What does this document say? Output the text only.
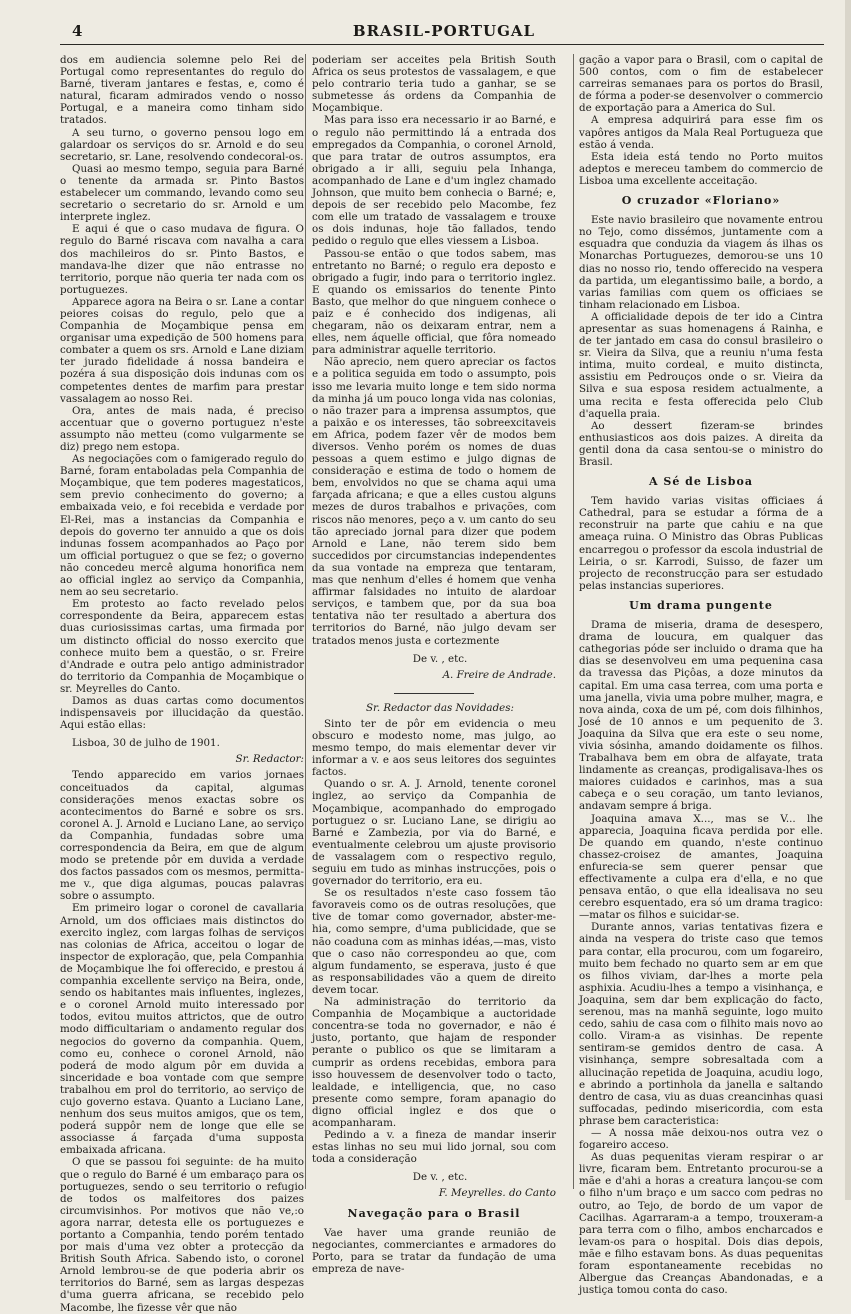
4	BRASIL-PORTUGAL

dos em audiencia solemne pelo Rei de Portugal como representantes do regulo do Barné, tiveram jantares e festas, e, como é natural, ficaram admirados vendo o nosso Portugal, e a maneira como tinham sido tratados.

A seu turno, o governo pensou logo em galardoar os serviços do sr. Arnold e do seu secretario, sr. Lane, resolvendo condecoral-os.

Quasi ao mesmo tempo, seguia para Barné o tenente da armada sr. Pinto Bastos estabelecer um commando, levando como seu secretario o secretario do sr. Arnold e um interprete inglez.

E aqui é que o caso mudava de figura. O regulo do Barné riscava com navalha a cara dos machileiros do sr. Pinto Bastos, e mandava-lhe dizer que não entrasse no territorio, porque não queria ter nada com os portuguezes.

Apparece agora na Beira o sr. Lane a contar peiores coisas do regulo, pelo que a Companhia de Moçambique pensa em organisar uma expedição de 500 homens para combater a quem os srs. Arnold e Lane diziam ter jurado fidelidade á nossa bandeira e pozéra á sua disposição dois indunas com os competentes dentes de marfim para prestar vassalagem ao nosso Rei.

Ora, antes de mais nada, é preciso accentuar que o governo portuguez n'este assumpto não metteu (como vulgarmente se diz) prego nem estopa.

As negociações com o famigerado regulo do Barné, foram entaboladas pela Companhia de Moçambique, que tem poderes magestaticos, sem previo conhecimento do governo; a embaixada veio, e foi recebida e verdade por El-Rei, mas a instancias da Companhia e depois do governo ter annuido a que os dois indunas fossem acompanhados ao Paço por um official portuguez o que se fez; o governo não concedeu mercê alguma honorifica nem ao official inglez ao serviço da Companhia, nem ao seu secretario.

Em protesto ao facto revelado pelos correspondente da Beira, apparecem estas duas curiosissimas cartas, uma firmada por um distincto official do nosso exercito que conhece muito bem a questão, o sr. Freire d'Andrade e outra pelo antigo administrador do territorio da Companhia de Moçambique o sr. Meyrelles do Canto.

Damos as duas cartas como documentos indispensaveis por illucidação da questão. Aqui estão ellas:

Lisboa, 30 de julho de 1901.

Sr. Redactor:

Tendo apparecido em varios jornaes conceituados da capital, algumas considerações menos exactas sobre os acontecimentos do Barné e sobre os srs. coronel A. J. Arnold e Luciano Lane, ao serviço da Companhia, fundadas sobre uma correspondencia da Beira, em que de algum modo se pretende pôr em duvida a verdade dos factos passados com os mesmos, permitta-me v., que diga algumas, poucas palavras sobre o assumpto.

Em primeiro logar o coronel de cavallaria Arnold, um dos officiaes mais distinctos do exercito inglez, com largas folhas de serviços nas colonias de Africa, acceitou o logar de inspector de exploração, que, pela Companhia de Moçambique lhe foi offerecido, e prestou á companhia excellente serviço na Beira, onde, sendo os habitantes mais influentes, inglezes, e o coronel Arnold muito interessado por todos, evitou muitos attrictos, que de outro modo difficultariam o andamento regular dos negocios do governo da companhia. Quem, como eu, conhece o coronel Arnold, não poderá de modo algum pôr em duvida a sinceridade e boa vontade com que sempre trabalhou em prol do territorio, ao serviço de cujo governo estava. Quanto a Luciano Lane, nenhum dos seus muitos amigos, que os tem, poderá suppôr nem de longe que elle se associasse á farçada d'uma supposta embaixada africana.

O que se passou foi seguinte: de ha muito que o regulo do Barné é um embaraço para os portuguezes, sendo o seu territorio o refugio de todos os malfeitores dos paizes circumvisinhos. Por motivos que não ve,:o agora narrar, detesta elle os portuguezes e portanto a Companhia, tendo porém tentado por mais d'uma vez obter a protecção da British South Africa. Sabendo isto, o coronel Arnold lembrou-se de que poderia abrir os territorios do Barné, sem as largas despezas d'uma guerra africana, se recebido pelo Macombe, lhe fizesse vêr que não

poderiam ser acceites pela British South Africa os seus protestos de vassalagem, e que pelo contrario teria tudo a ganhar, se se submetesse ás ordens da Companhia de Moçambique.

Mas para isso era necessario ir ao Barné, e o regulo não permittindo lá a entrada dos empregados da Companhia, o coronel Arnold, que para tratar de outros assumptos, era obrigado a ir alli, seguiu pela Inhanga, acompanhado de Lane e d'um inglez chamado Johnson, que muito bem conhecia o Barné; e, depois de ser recebido pelo Macombe, fez com elle um tratado de vassalagem e trouxe os dois indunas, hoje tão fallados, tendo pedido o regulo que elles viessem a Lisboa.

Passou-se então o que todos sabem, mas entretanto no Barné; o regulo era deposto e obrigado a fugir, indo para o territorio inglez. E quando os emissarios do tenente Pinto Basto, que melhor do que ninguem conhece o paiz e é conhecido dos indigenas, ali chegaram, não os deixaram entrar, nem a elles, nem áquelle official, que fôra nomeado para administrar aquelle territorio.

Não aprecio, nem quero apreciar os factos e a politica seguida em todo o assumpto, pois isso me levaria muito longe e tem sido norma da minha já um pouco longa vida nas colonias, o não trazer para a imprensa assumptos, que a paixão e os interesses, tão sobreexcitaveis em Africa, podem fazer vêr de modos bem diversos. Venho porém os nomes de duas pessoas a quem estimo e julgo dignas de consideração e estima de todo o homem de bem, envolvidos no que se chama aqui uma farçada africana; e que a elles custou alguns mezes de duros trabalhos e privações, com riscos não menores, peço a v. um canto do seu tão apreciado jornal para dizer que podem Arnold e Lane, não terem sido bem succedidos por circumstancias independentes da sua vontade na empreza que tentaram, mas que nenhum d'elles é homem que venha affirmar falsidades no intuito de alardoar serviços, e tambem que, por da sua boa tentativa não ter resultado a abertura dos territorios do Barné, não julgo devam ser tratados menos justa e cortezmente

De v. , etc.

A. Freire de Andrade.

Sr. Redactor das Novidades:

Sinto ter de pôr em evidencia o meu obscuro e modesto nome, mas julgo, ao mesmo tempo, do mais elementar dever vir informar a v. e aos seus leitores dos seguintes factos.

Quando o sr. A. J. Arnold, tenente coronel inglez, ao serviço da Companhia de Moçambique, acompanhado do emprogado portuguez o sr. Luciano Lane, se dirigiu ao Barné e Zambezia, por via do Barné, e eventualmente celebrou um ajuste provisorio de vassalagem com o respectivo regulo, seguiu em tudo as minhas instrucções, pois o governador do territorio, era eu.

Se os resultados n'este caso fossem tão favoraveis como os de outras resoluções, que tive de tomar como governador, abster-me-hia, como sempre, d'uma publicidade, que se não coaduna com as minhas idéas,—mas, visto que o caso não correspondeu ao que, com algum fundamento, se esperava, justo é que as responsabilidades vão a quem de direito devem tocar.

Na administração do territorio da Companhia de Moçambique a auctoridade concentra-se toda no governador, e não é justo, portanto, que hajam de responder perante o publico os que se limitaram a cumprir as ordens recebidas, embora para isso houvessem de desenvolver todo o tacto, lealdade, e intelligencia, que, no caso presente como sempre, foram apanagio do digno official inglez e dos que o acompanharam.

Pedindo a v. a fineza de mandar inserir estas linhas no seu mui lido jornal, sou com toda a consideração

De v. , etc.

F. Meyrelles. do Canto

Navegação para o Brasil

Vae haver uma grande reunião de negociantes, commerciantes e armadores do Porto, para se tratar da fundação de uma empreza de nave-

gação a vapor para o Brasil, com o capital de 500 contos, com o fim de estabelecer carreiras semanaes para os portos do Brasil, de fórma a poder-se desenvolver o commercio de exportação para a America do Sul.

A empresa adquirirá para esse fim os vapôres antigos da Mala Real Portugueza que estão á venda.

Esta ideia está tendo no Porto muitos adeptos e mereceu tambem do commercio de Lisboa uma excellente acceitação.

O cruzador «Floriano»

Este navio brasileiro que novamente entrou no Tejo, como dissémos, juntamente com a esquadra que conduzia da viagem ás ilhas os Monarchas Portuguezes, demorou-se uns 10 dias no nosso rio, tendo offerecido na vespera da partida, um elegantissimo baile, a bordo, a varias familias com quem os officiaes se tinham relacionado em Lisboa.

A officialidade depois de ter ido a Cintra apresentar as suas homenagens á Rainha, e de ter jantado em casa do consul brasileiro o sr. Vieira da Silva, que a reuniu n'uma festa intima, muito cordeal, e muito distincta, assistiu em Pedrouços onde o sr. Vieira da Silva e sua esposa residem actualmente, a uma recita e festa offerecida pelo Club d'aquella praia.

Ao dessert fizeram-se brindes enthusiasticos aos dois paizes. A direita da gentil dona da casa sentou-se o ministro do Brasil.

A Sé de Lisboa

Tem havido varias visitas officiaes á Cathedral, para se estudar a fórma de a reconstruir na parte que cahiu e na que ameaça ruina. O Ministro das Obras Publicas encarregou o professor da escola industrial de Leiria, o sr. Karrodi, Suisso, de fazer um projecto de reconstrucção para ser estudado pelas instancias superiores.

Um drama pungente

Drama de miseria, drama de desespero, drama de loucura, em qualquer das cathegorias póde ser incluido o drama que ha dias se desenvolveu em uma pequenina casa da travessa das Piçôas, a doze minutos da capital. Em uma casa terrea, com uma porta e uma janella, vivia uma pobre mulher, magra, e nova ainda, coxa de um pé, com dois filhinhos, José de 10 annos e um pequenito de 3. Joaquina da Silva que era este o seu nome, vivia sósinha, amando doidamente os filhos. Trabalhava bem em obra de alfayate, trata lindamente as creanças, prodigalisava-lhes os maiores cuidados e carinhos, mas a sua cabeça e o seu coração, um tanto levianos, andavam sempre á briga.

Joaquina amava X..., mas se V... lhe apparecia, Joaquina ficava perdida por elle. De quando em quando, n'este continuo chassez-croisez de amantes, Joaquina enfurecia-se sem querer pensar que effectivamente a culpa era d'ella, e no que pensava então, o que ella idealisava no seu cerebro esquentado, era só um drama tragico:—matar os filhos e suicidar-se.

Durante annos, varias tentativas fizera e ainda na vespera do triste caso que temos para contar, ella procurou, com um fogareiro, muito bem fechado no quarto sem ar em que os filhos viviam, dar-lhes a morte pela asphixia. Acudiu-lhes a tempo a visinhança, e Joaquina, sem dar bem explicação do facto, serenou, mas na manhã seguinte, logo muito cedo, sahiu de casa com o filhito mais novo ao collo. Viram-a as visinhas. De repente sentiram-se gemidos dentro de casa. A visinhança, sempre sobresaltada com a allucinação repetida de Joaquina, acudiu logo, e abrindo a portinhola da janella e saltando dentro de casa, viu as duas creancinhas quasi suffocadas, pedindo misericordia, com esta phrase bem caracteristica:

— A nossa mãe deixou-nos outra vez o fogareiro acceso.

As duas pequenitas vieram respirar o ar livre, ficaram bem. Entretanto procurou-se a mãe e d'ahi a horas a creatura lançou-se com o filho n'um braço e um sacco com pedras no outro, ao Tejo, de bordo de um vapor de Cacilhas. Agarraram-a a tempo, trouxeram-a para terra com o filho, ambos encharcados e levam-os para o hospital. Dois dias depois, mãe e filho estavam bons. As duas pequenitas foram espontaneamente recebidas no Albergue das Creanças Abandonadas, e a justiça tomou conta do caso.
